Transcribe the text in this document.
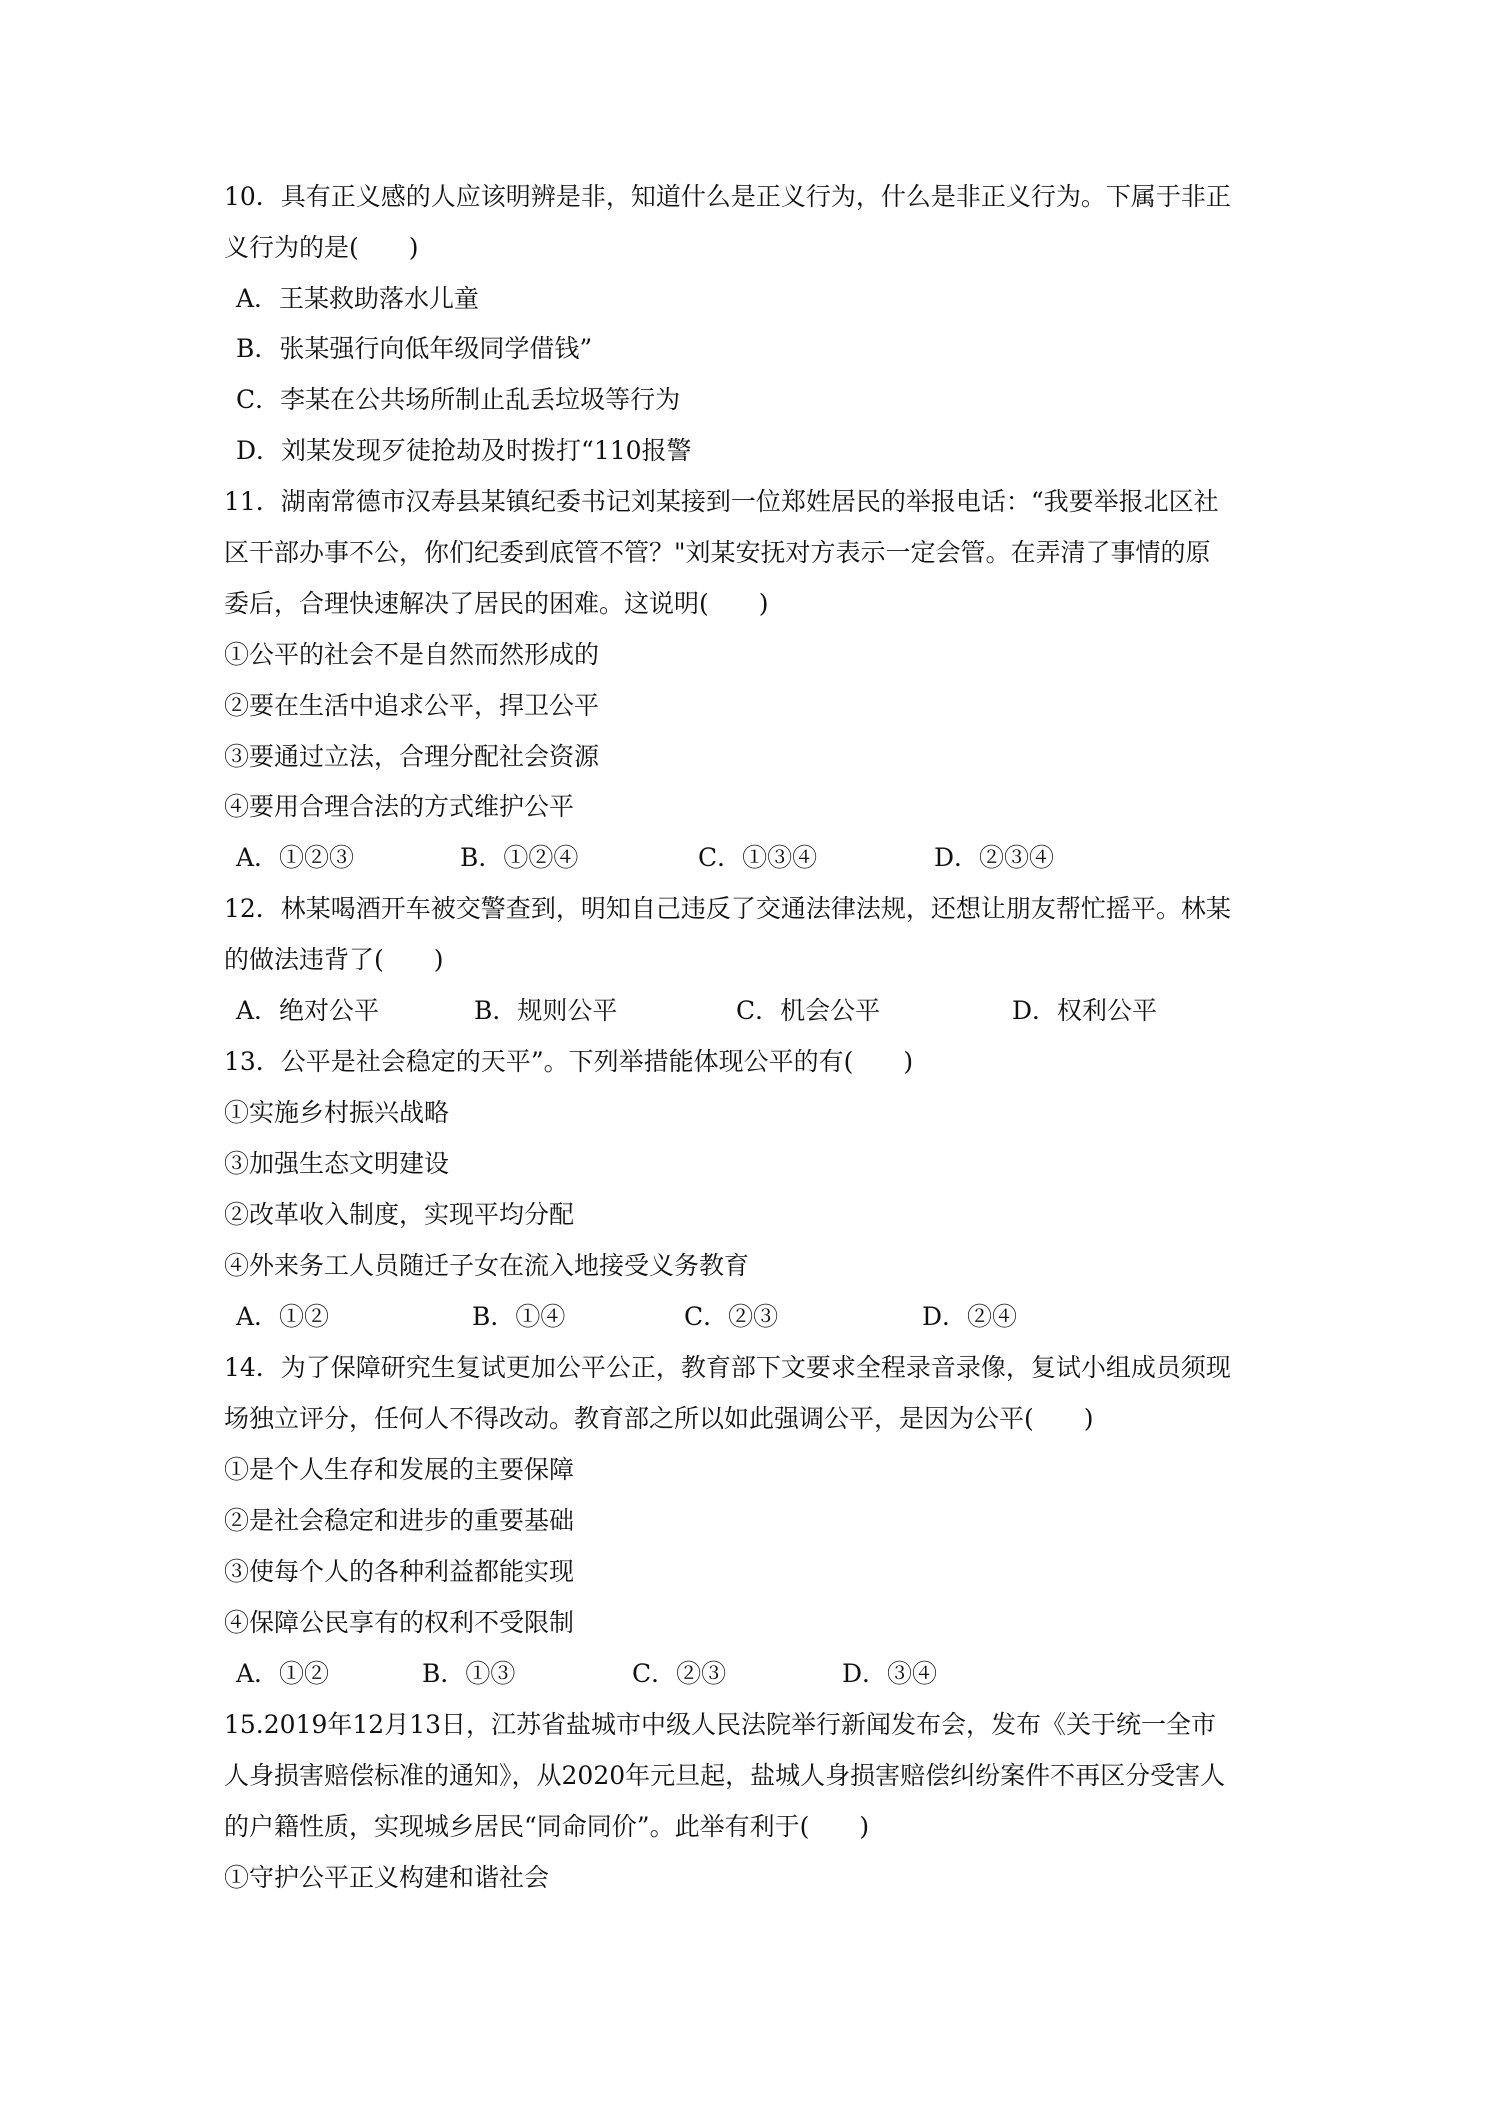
10．具有正义感的人应该明辨是非，知道什么是正义行为，什么是非正义行为。下属于非正
义行为的是(　　)
A．王某救助落水儿童
B．张某强行向低年级同学借钱”
C．李某在公共场所制止乱丢垃圾等行为
D．刘某发现歹徒抢劫及时拨打“110报警
11．湖南常德市汉寿县某镇纪委书记刘某接到一位郑姓居民的举报电话：“我要举报北区社
区干部办事不公，你们纪委到底管不管？"刘某安抚对方表示一定会管。在弄清了事情的原
委后，合理快速解决了居民的困难。这说明(　　)
①公平的社会不是自然而然形成的
②要在生活中追求公平，捍卫公平
③要通过立法，合理分配社会资源
④要用合理合法的方式维护公平
A．①②③	B．①②④	C．①③④	D．②③④
12．林某喝酒开车被交警查到，明知自己违反了交通法律法规，还想让朋友帮忙摇平。林某
的做法违背了(　　)
A．绝对公平	B．规则公平	C．机会公平	D．权利公平
13．公平是社会稳定的天平”。下列举措能体现公平的有(　　)
①实施乡村振兴战略
③加强生态文明建设
②改革收入制度，实现平均分配
④外来务工人员随迁子女在流入地接受义务教育
A．①②	B．①④	C．②③	D．②④
14．为了保障研究生复试更加公平公正，教育部下文要求全程录音录像，复试小组成员须现
场独立评分，任何人不得改动。教育部之所以如此强调公平，是因为公平(　　)
①是个人生存和发展的主要保障
②是社会稳定和进步的重要基础
③使每个人的各种利益都能实现
④保障公民享有的权利不受限制
A．①②	B．①③	C．②③	D．③④
15.2019年12月13日，江苏省盐城市中级人民法院举行新闻发布会，发布《关于统一全市
人身损害赔偿标准的通知》，从2020年元旦起，盐城人身损害赔偿纠纷案件不再区分受害人
的户籍性质，实现城乡居民“同命同价”。此举有利于(　　)
①守护公平正义构建和谐社会
